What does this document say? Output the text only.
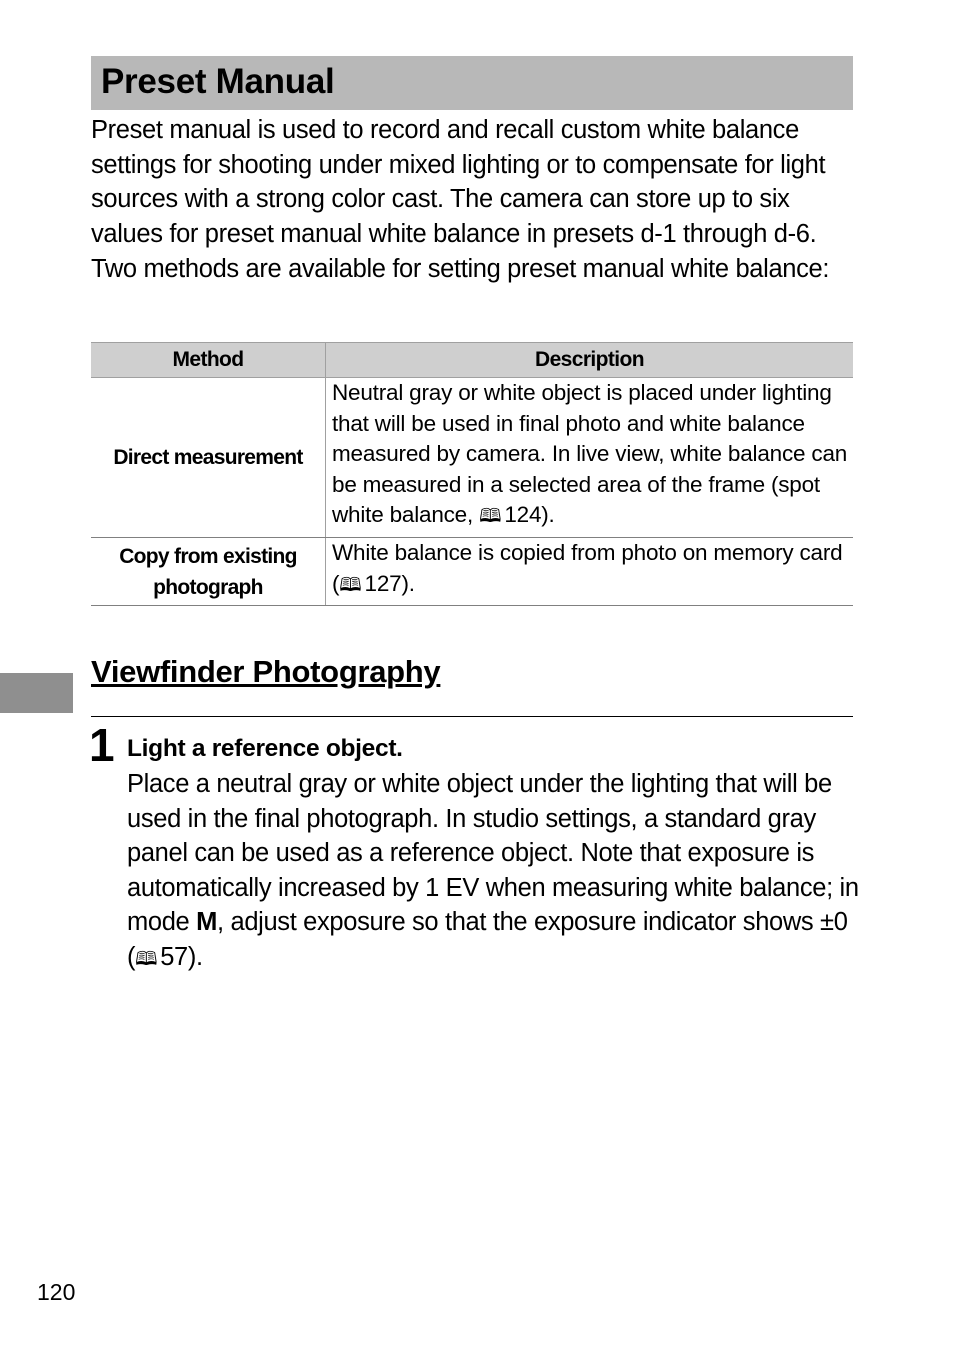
Preset Manual

Preset manual is used to record and recall custom white balance settings for shooting under mixed lighting or to compensate for light sources with a strong color cast. The camera can store up to six values for preset manual white balance in presets d-1 through d-6. Two methods are available for setting preset manual white balance:

Method	Description
Direct measurement	Neutral gray or white object is placed under lighting that will be used in final photo and white balance measured by camera. In live view, white balance can be measured in a selected area of the frame (spot white balance, 🕮 124).
Copy from existing photograph	White balance is copied from photo on memory card (🕮 127).
Viewfinder Photography
1 Light a reference object.

Place a neutral gray or white object under the lighting that will be used in the final photograph. In studio settings, a standard gray panel can be used as a reference object. Note that exposure is automatically increased by 1 EV when measuring white balance; in mode M, adjust exposure so that the exposure indicator shows ±0 (🕮 57).

120
